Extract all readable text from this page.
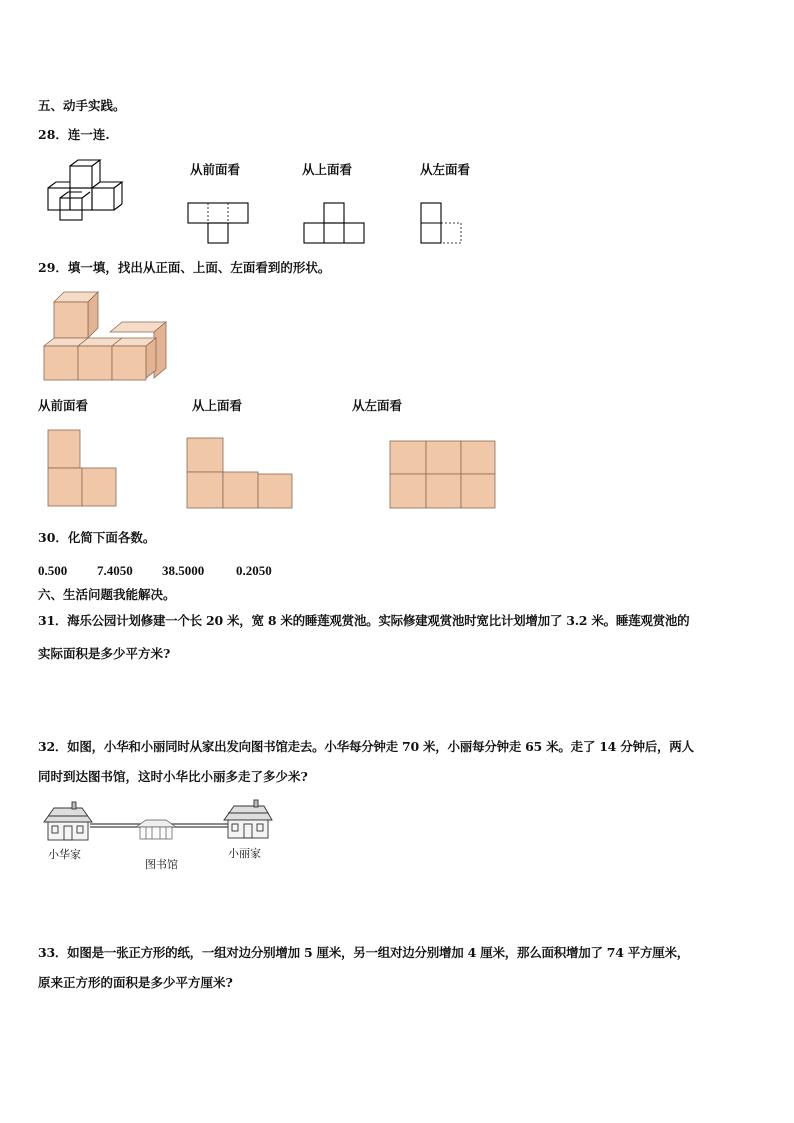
五、动手实践。
28．连一连.
从前面看	从上面看	从左面看
29．填一填，找出从正面、上面、左面看到的形状。
从前面看	从上面看	从左面看
30．化简下面各数。
0.500 7.4050 38.5000 0.2050
六、生活问题我能解决。
31．海乐公园计划修建一个长 20 米，宽 8 米的睡莲观赏池。实际修建观赏池时宽比计划增加了 3.2 米。睡莲观赏池的
实际面积是多少平方米?
32．如图，小华和小丽同时从家出发向图书馆走去。小华每分钟走 70 米，小丽每分钟走 65 米。走了 14 分钟后，两人
同时到达图书馆，这时小华比小丽多走了多少米?
小华家
图书馆
小丽家
33．如图是一张正方形的纸，一组对边分别增加 5 厘米，另一组对边分别增加 4 厘米，那么面积增加了 74 平方厘米，
原来正方形的面积是多少平方厘米?
